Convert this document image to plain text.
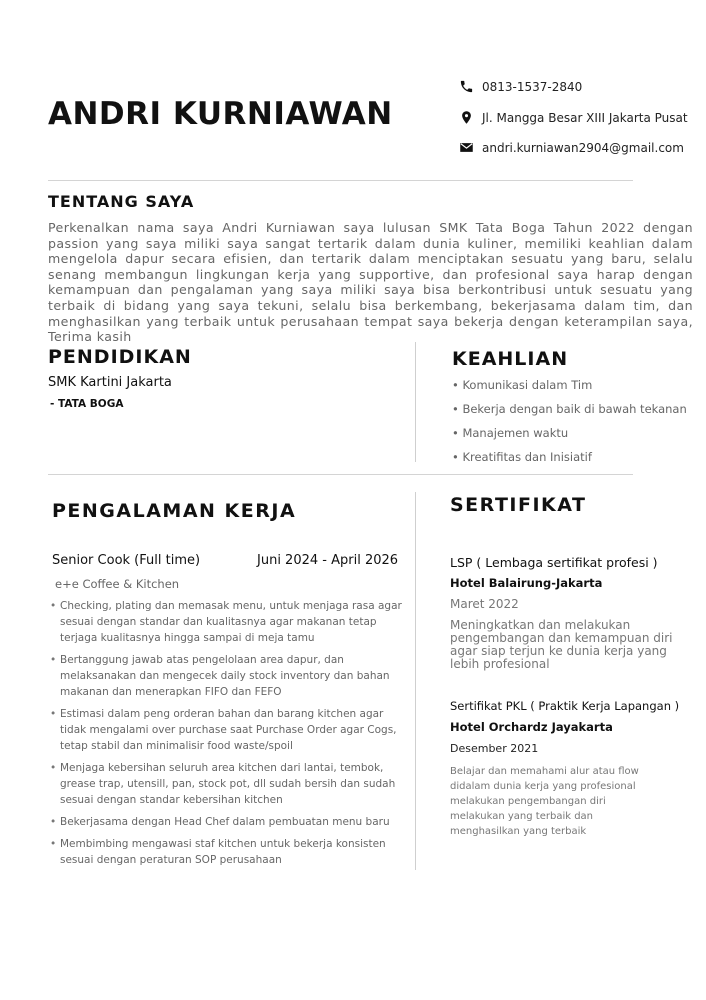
ANDRI KURNIAWAN
0813-1537-2840
Jl. Mangga Besar XIII Jakarta Pusat
andri.kurniawan2904@gmail.com
TENTANG SAYA
Perkenalkan nama saya Andri Kurniawan saya lulusan SMK Tata Boga Tahun 2022 dengan passion yang saya miliki saya sangat tertarik dalam dunia kuliner, memiliki keahlian dalam mengelola dapur secara efisien, dan tertarik dalam menciptakan sesuatu yang baru, selalu senang membangun lingkungan kerja yang supportive, dan profesional saya harap dengan kemampuan dan pengalaman yang saya miliki saya bisa berkontribusi untuk sesuatu yang terbaik di bidang yang saya tekuni, selalu bisa berkembang, bekerjasama dalam tim, dan menghasilkan yang terbaik untuk perusahaan tempat saya bekerja dengan keterampilan saya, Terima kasih
PENDIDIKAN
SMK Kartini Jakarta
- TATA BOGA
KEAHLIAN
• Komunikasi dalam Tim
• Bekerja dengan baik di bawah tekanan
• Manajemen waktu
• Kreatifitas dan Inisiatif
PENGALAMAN KERJA
Senior Cook (Full time)	Juni 2024 - April 2026
e+e Coffee & Kitchen
• Checking, plating dan memasak menu, untuk menjaga rasa agar sesuai dengan standar dan kualitasnya agar makanan tetap terjaga kualitasnya hingga sampai di meja tamu
• Bertanggung jawab atas pengelolaan area dapur, dan melaksanakan dan mengecek daily stock inventory dan bahan makanan dan menerapkan FIFO dan FEFO
• Estimasi dalam peng orderan bahan dan barang kitchen agar tidak mengalami over purchase saat Purchase Order agar Cogs, tetap stabil dan minimalisir food waste/spoil
• Menjaga kebersihan seluruh area kitchen dari lantai, tembok, grease trap, utensill, pan, stock pot, dll sudah bersih dan sudah sesuai dengan standar kebersihan kitchen
• Bekerjasama dengan Head Chef dalam pembuatan menu baru
• Membimbing mengawasi staf kitchen untuk bekerja konsisten sesuai dengan peraturan SOP perusahaan
SERTIFIKAT
LSP ( Lembaga sertifikat profesi )
Hotel Balairung-Jakarta
Maret 2022
Meningkatkan dan melakukan pengembangan dan kemampuan diri agar siap terjun ke dunia kerja yang lebih profesional
Sertifikat PKL ( Praktik Kerja Lapangan )
Hotel Orchardz Jayakarta
Desember 2021
Belajar dan memahami alur atau flow didalam dunia kerja yang profesional melakukan pengembangan diri melakukan yang terbaik dan menghasilkan yang terbaik
